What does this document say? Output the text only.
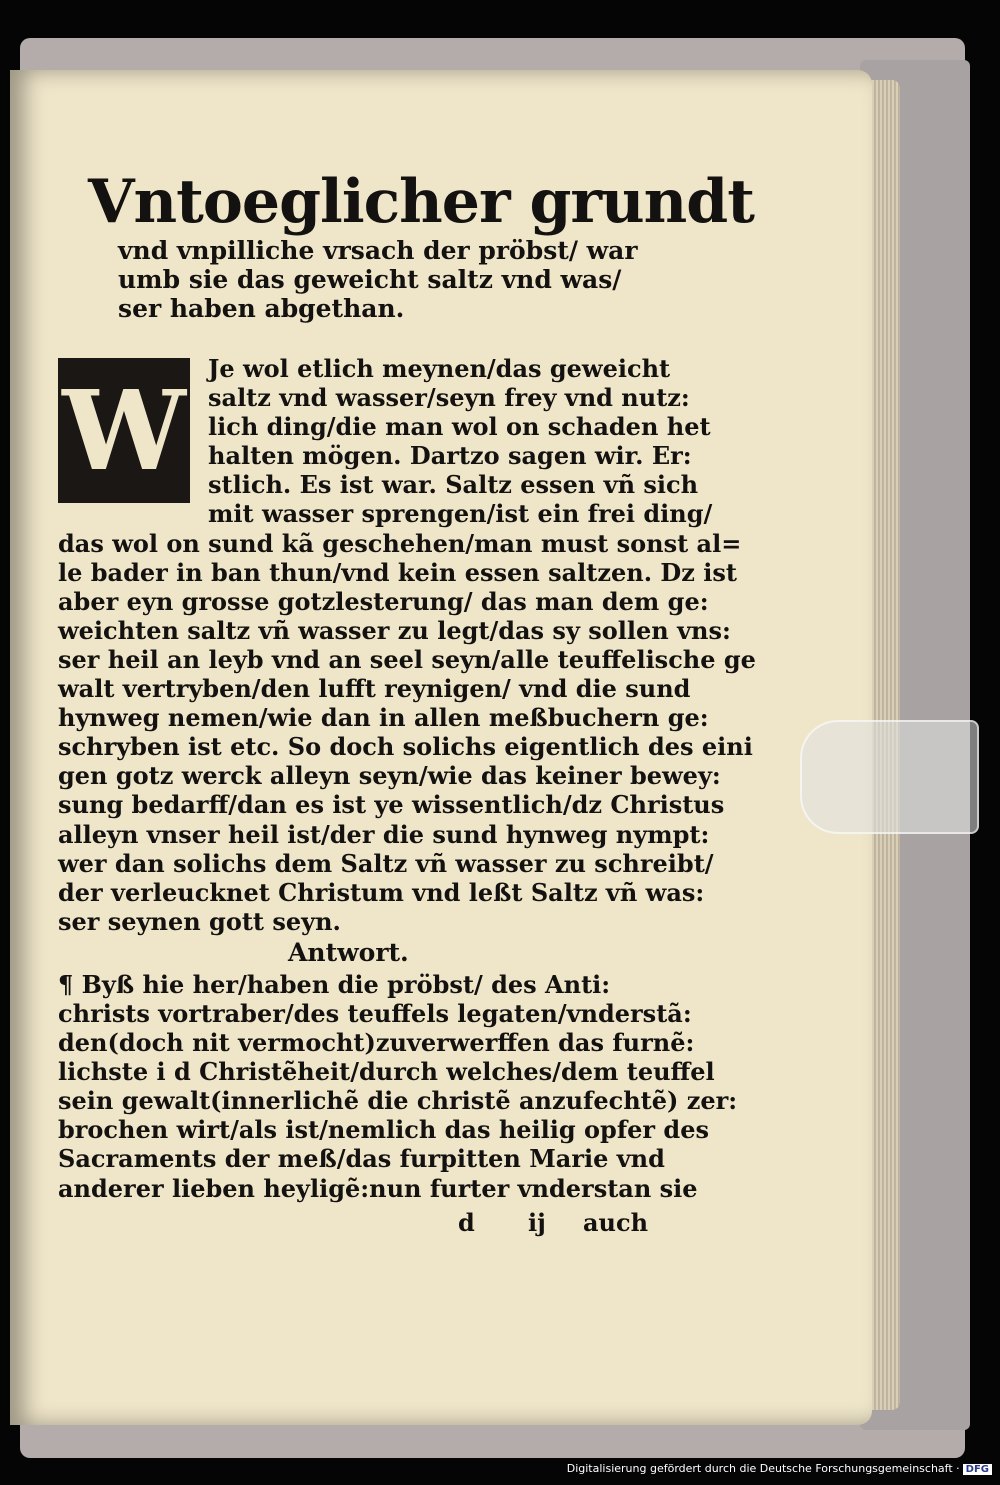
Vntoeglicher grundt
vnd vnpilliche vrsach der pröbst/ war
umb sie das geweicht saltz vnd was/
ser haben abgethan.
Je wol etlich meynen/das geweicht
saltz vnd wasser/seyn frey vnd nutz:
lich ding/die man wol on schaden het
halten mögen. Dartzo sagen wir. Er:
stlich. Es ist war. Saltz essen vñ sich
mit wasser sprengen/ist ein frei ding/
das wol on sund kã geschehen/man must sonst al=
le bader in ban thun/vnd kein essen saltzen. Dz ist
aber eyn grosse gotzlesterung/ das man dem ge:
weichten saltz vñ wasser zu legt/das sy sollen vns:
ser heil an leyb vnd an seel seyn/alle teuffelische ge
walt vertryben/den lufft reynigen/ vnd die sund
hynweg nemen/wie dan in allen meßbuchern ge:
schryben ist etc. So doch solichs eigentlich des eini
gen gotz werck alleyn seyn/wie das keiner bewey:
sung bedarff/dan es ist ye wissentlich/dz Christus
alleyn vnser heil ist/der die sund hynweg nympt:
wer dan solichs dem Saltz vñ wasser zu schreibt/
der verleucknet Christum vnd leßt Saltz vñ was:
ser seynen gott seyn.
Antwort.
¶ Byß hie her/haben die pröbst/ des Anti:
christs vortraber/des teuffels legaten/vnderstã:
den(doch nit vermocht)zuverwerffen das furnẽ:
lichste i d Christẽheit/durch welches/dem teuffel
sein gewalt(innerlichẽ die christẽ anzufechtẽ) zer:
brochen wirt/als ist/nemlich das heilig opfer des
Sacraments der meß/das furpitten Marie vnd
anderer lieben heyligẽ:nun furter vnderstan sie
d ij auch
W
Digitalisierung gefördert durch die Deutsche Forschungsgemeinschaft · DFG
